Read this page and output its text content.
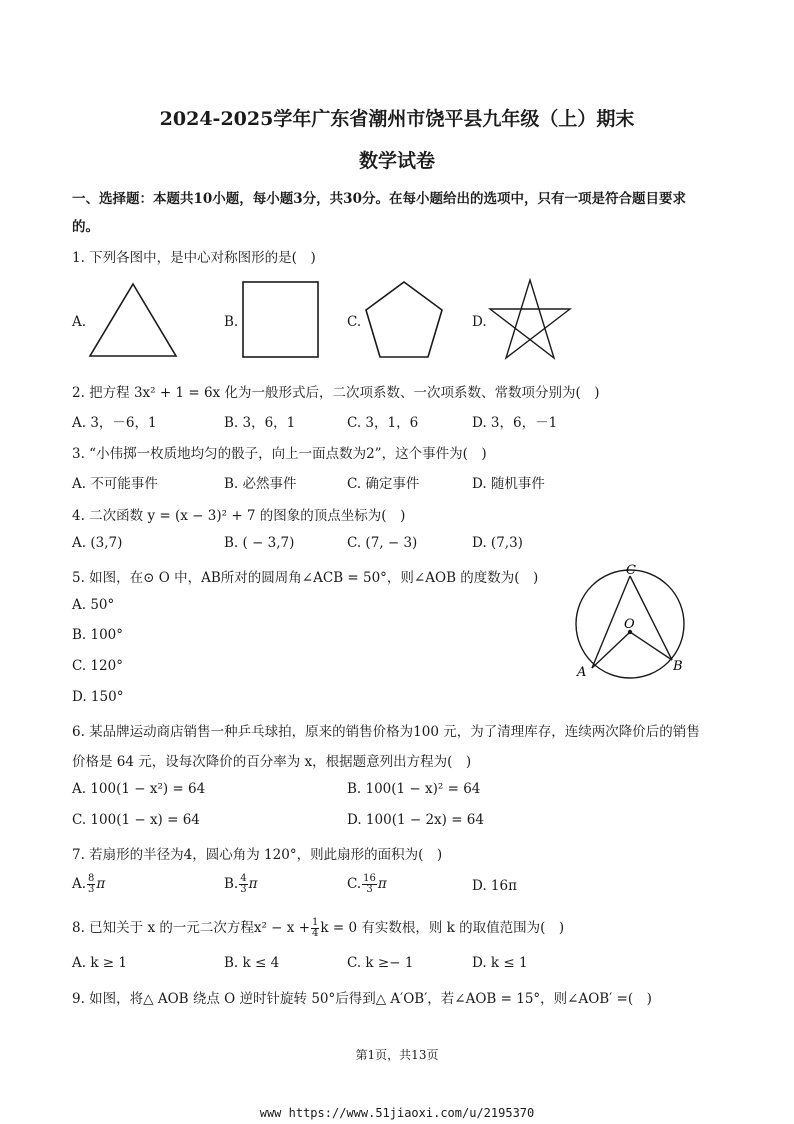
2024-2025学年广东省潮州市饶平县九年级（上）期末
数学试卷
一、选择题：本题共10小题，每小题3分，共30分。在每小题给出的选项中，只有一项是符合题目要求
的。
1. 下列各图中，是中心对称图形的是(　)
A.	B.	C.	D.
2. 把方程 3x² + 1 = 6x 化为一般形式后，二次项系数、一次项系数、常数项分别为(　)
A. 3，－6，1	B. 3，6，1	C. 3，1，6	D. 3，6，－1
3. “小伟掷一枚质地均匀的骰子，向上一面点数为2”，这个事件为(　)
A. 不可能事件	B. 必然事件	C. 确定事件	D. 随机事件
4. 二次函数 y = (x − 3)² + 7 的图象的顶点坐标为(　)
A. (3,7)	B. ( − 3,7)	C. (7, − 3)	D. (7,3)
5. 如图，在⊙ O 中，AB所对的圆周角∠ACB = 50°，则∠AOB 的度数为(　)
A. 50°
B. 100°
C. 120°
D. 150°
C
O
A	B
6. 某品牌运动商店销售一种乒乓球拍，原来的销售价格为100 元，为了清理库存，连续两次降价后的销售
价格是 64 元，设每次降价的百分率为 x，根据题意列出方程为(　)
A. 100(1 − x²) = 64	B. 100(1 − x)² = 64
C. 100(1 − x) = 64	D. 100(1 − 2x) = 64
7. 若扇形的半径为4，圆心角为 120°，则此扇形的面积为(　)
A. $\frac{8}{3}$ π	B. $\frac{4}{3}$ π	C. $\frac{16}{3}$ π	D. 16π
8. 已知关于 x 的一元二次方程$x^2 - x + \frac{1}{4}$ k = 0 有实数根，则 k 的取值范围为(　)
A. k ≥ 1	B. k ≤ 4	C. k ≥− 1	D. k ≤ 1
9. 如图，将△ AOB 绕点 O 逆时针旋转 50°后得到△ A′OB′，若∠AOB = 15°，则∠AOB′ =(　)
第1页，共13页
www https://www.51jiaoxi.com/u/2195370
